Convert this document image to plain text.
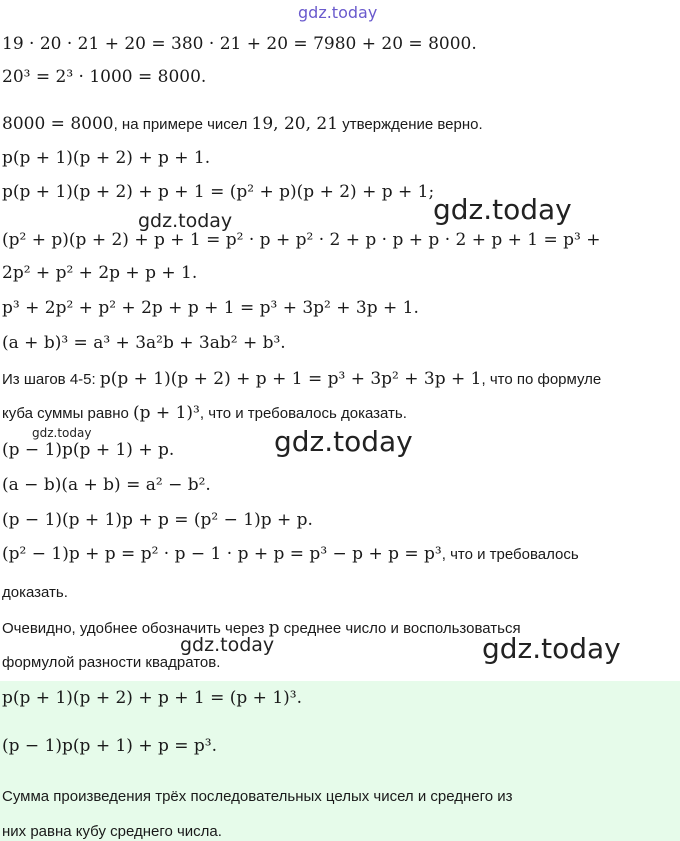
gdz.today
19 · 20 · 21 + 20 = 380 · 21 + 20 = 7980 + 20 = 8000.
20³ = 2³ · 1000 = 8000.
8000 = 8000, на примере чисел 19, 20, 21 утверждение верно.
p(p + 1)(p + 2) + p + 1.
p(p + 1)(p + 2) + p + 1 = (p² + p)(p + 2) + p + 1;
gdz.today	gdz.today
(p² + p)(p + 2) + p + 1 = p² · p + p² · 2 + p · p + p · 2 + p + 1 = p³ +
2p² + p² + 2p + p + 1.
p³ + 2p² + p² + 2p + p + 1 = p³ + 3p² + 3p + 1.
(a + b)³ = a³ + 3a²b + 3ab² + b³.
Из шагов 4-5: p(p + 1)(p + 2) + p + 1 = p³ + 3p² + 3p + 1, что по формуле
куба суммы равно (p + 1)³, что и требовалось доказать.
gdz.today	gdz.today
(p − 1)p(p + 1) + p.
(a − b)(a + b) = a² − b².
(p − 1)(p + 1)p + p = (p² − 1)p + p.
(p² − 1)p + p = p² · p − 1 · p + p = p³ − p + p = p³, что и требовалось
доказать.
Очевидно, удобнее обозначить через p среднее число и воспользоваться
gdz.today	gdz.today
формулой разности квадратов.
p(p + 1)(p + 2) + p + 1 = (p + 1)³.
(p − 1)p(p + 1) + p = p³.
Сумма произведения трёх последовательных целых чисел и среднего из
них равна кубу среднего числа.
